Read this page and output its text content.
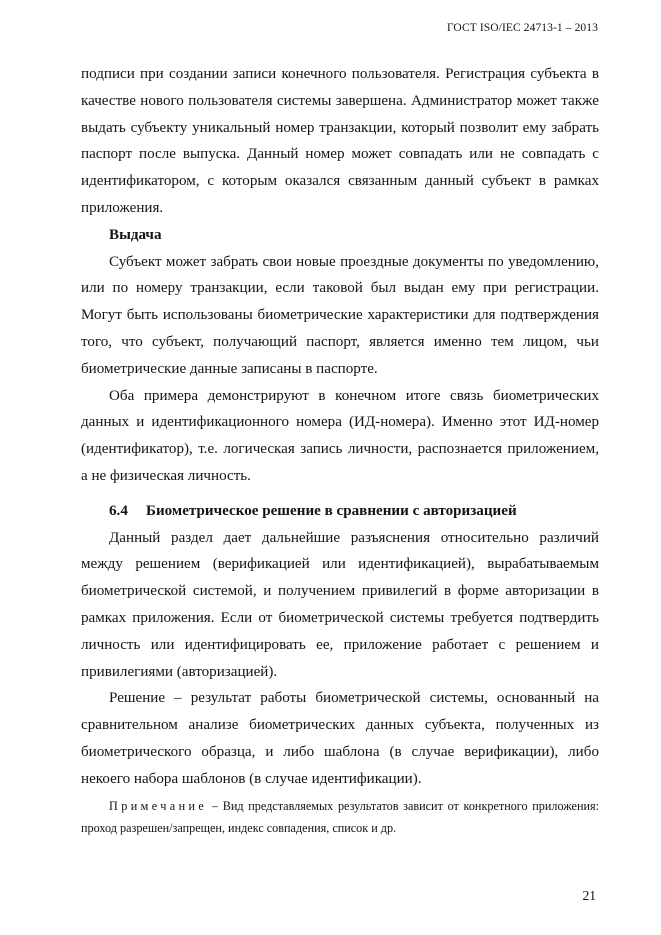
ГОСТ ISO/IEC 24713-1 – 2013

подписи при создании записи конечного пользователя. Регистрация субъекта в качестве нового пользователя системы завершена. Администратор может также выдать субъекту уникальный номер транзакции, который позволит ему забрать паспорт после выпуска. Данный номер может совпадать или не совпадать с идентификатором, с которым оказался связанным данный субъект в рамках приложения.

Выдача

Субъект может забрать свои новые проездные документы по уведомлению, или по номеру транзакции, если таковой был выдан ему при регистрации. Могут быть использованы биометрические характеристики для подтверждения того, что субъект, получающий паспорт, является именно тем лицом, чьи биометрические данные записаны в паспорте.

Оба примера демонстрируют в конечном итоге связь биометрических данных и идентификационного номера (ИД-номера). Именно этот ИД-номер (идентификатор), т.е. логическая запись личности, распознается приложением, а не физическая личность.

6.4 Биометрическое решение в сравнении с авторизацией

Данный раздел дает дальнейшие разъяснения относительно различий между решением (верификацией или идентификацией), вырабатываемым биометрической системой, и получением привилегий в форме авторизации в рамках приложения. Если от биометрической системы требуется подтвердить личность или идентифицировать ее, приложение работает с решением и привилегиями (авторизацией).

Решение – результат работы биометрической системы, основанный на сравнительном анализе биометрических данных субъекта, полученных из биометрического образца, и либо шаблона (в случае верификации), либо некоего набора шаблонов (в случае идентификации).

Примечание – Вид представляемых результатов зависит от конкретного приложения: проход разрешен/запрещен, индекс совпадения, список и др.

21
